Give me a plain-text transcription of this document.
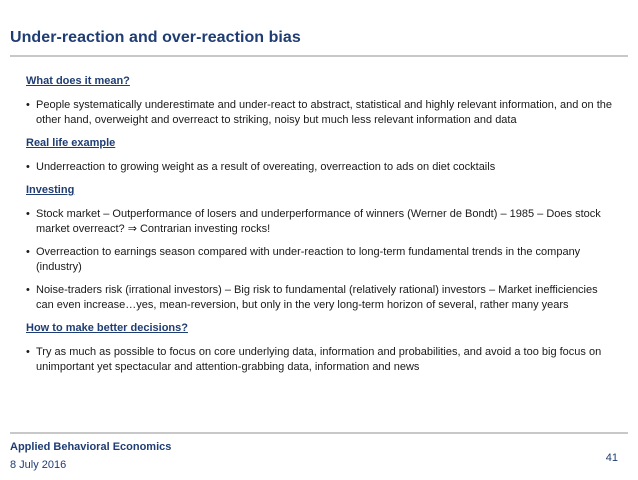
Under-reaction and over-reaction bias
What does it mean?
• People systematically underestimate and under-react to abstract, statistical and highly relevant information, and on the other hand, overweight and overreact to striking, noisy but much less relevant information and data
Real life example
• Underreaction to growing weight as a result of overeating, overreaction to ads on diet cocktails
Investing
• Stock market – Outperformance of losers and underperformance of winners (Werner de Bondt) – 1985 – Does stock market overreact? ⇒ Contrarian investing rocks!
• Overreaction to earnings season compared with under-reaction to long-term fundamental trends in the company (industry)
• Noise-traders risk (irrational investors) – Big risk to fundamental (relatively rational) investors – Market inefficiencies can even increase…yes, mean-reversion, but only in the very long-term horizon of several, rather many years
How to make better decisions?
• Try as much as possible to focus on core underlying data, information and probabilities, and avoid a too big focus on unimportant yet spectacular and attention-grabbing data, information and news
Applied Behavioral Economics
8 July 2016
41
